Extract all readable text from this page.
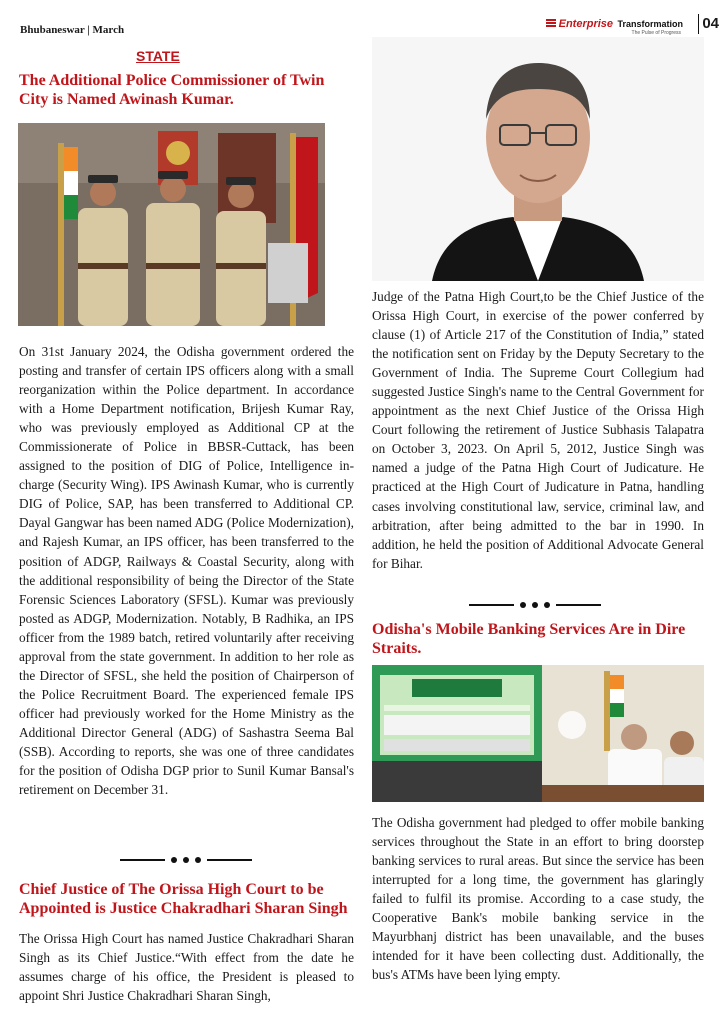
Bhubaneswar | March	Enterprise Transformation
The Pulse of Progress
04
STATE
The Additional Police Commissioner of Twin City is Named Awinash Kumar.

On 31st January 2024, the Odisha government ordered the posting and transfer of certain IPS officers along with a small reorganization within the Police department. In accordance with a Home Department notification, Brijesh Kumar Ray, who was previously employed as Additional CP at the Commissionerate of Police in BBSR-Cuttack, has been assigned to the position of DIG of Police, Intelligence in-charge (Security Wing). IPS Awinash Kumar, who is currently DIG of Police, SAP, has been transferred to Additional CP. Dayal Gangwar has been named ADG (Police Modernization), and Rajesh Kumar, an IPS officer, has been transferred to the position of ADGP, Railways & Coastal Security, along with the additional responsibility of being the Director of the State Forensic Sciences Laboratory (SFSL). Kumar was previously posted as ADGP, Modernization. Notably, B Radhika, an IPS officer from the 1989 batch, retired voluntarily after receiving approval from the state government. In addition to her role as the Director of SFSL, she held the position of Chairperson of the Police Recruitment Board. The experienced female IPS officer had previously worked for the Home Ministry as the Additional Director General (ADG) of Sashastra Seema Bal (SSB). According to reports, she was one of three candidates for the position of Odisha DGP prior to Sunil Kumar Bansal's retirement on December 31.

Chief Justice of The Orissa High Court to be Appointed is Justice Chakradhari Sharan Singh

The Orissa High Court has named Justice Chakradhari Sharan Singh as its Chief Justice.“With effect from the date he assumes charge of his office, the President is pleased to appoint Shri Justice Chakradhari Sharan Singh,

Judge of the Patna High Court,to be the Chief Justice of the Orissa High Court, in exercise of the power conferred by clause (1) of Article 217 of the Constitution of India,” stated the notification sent on Friday by the Deputy Secretary to the Government of India. The Supreme Court Collegium had suggested Justice Singh's name to the Central Government for appointment as the next Chief Justice of the Orissa High Court following the retirement of Justice Subhasis Talapatra on October 3, 2023. On April 5, 2012, Justice Singh was named a judge of the Patna High Court of Judicature. He practiced at the High Court of Judicature in Patna, handling cases involving constitutional law, service, criminal law, and arbitration, after being admitted to the bar in 1990. In addition, he held the position of Additional Advocate General for Bihar.

Odisha's Mobile Banking Services Are in Dire Straits.

The Odisha government had pledged to offer mobile banking services throughout the State in an effort to bring doorstep banking services to rural areas. But since the service has been interrupted for a long time, the government has glaringly failed to fulfil its promise. According to a case study, the Cooperative Bank's mobile banking service in the Mayurbhanj district has been unavailable, and the buses intended for it have been collecting dust. Additionally, the bus's ATMs have been lying empty.
